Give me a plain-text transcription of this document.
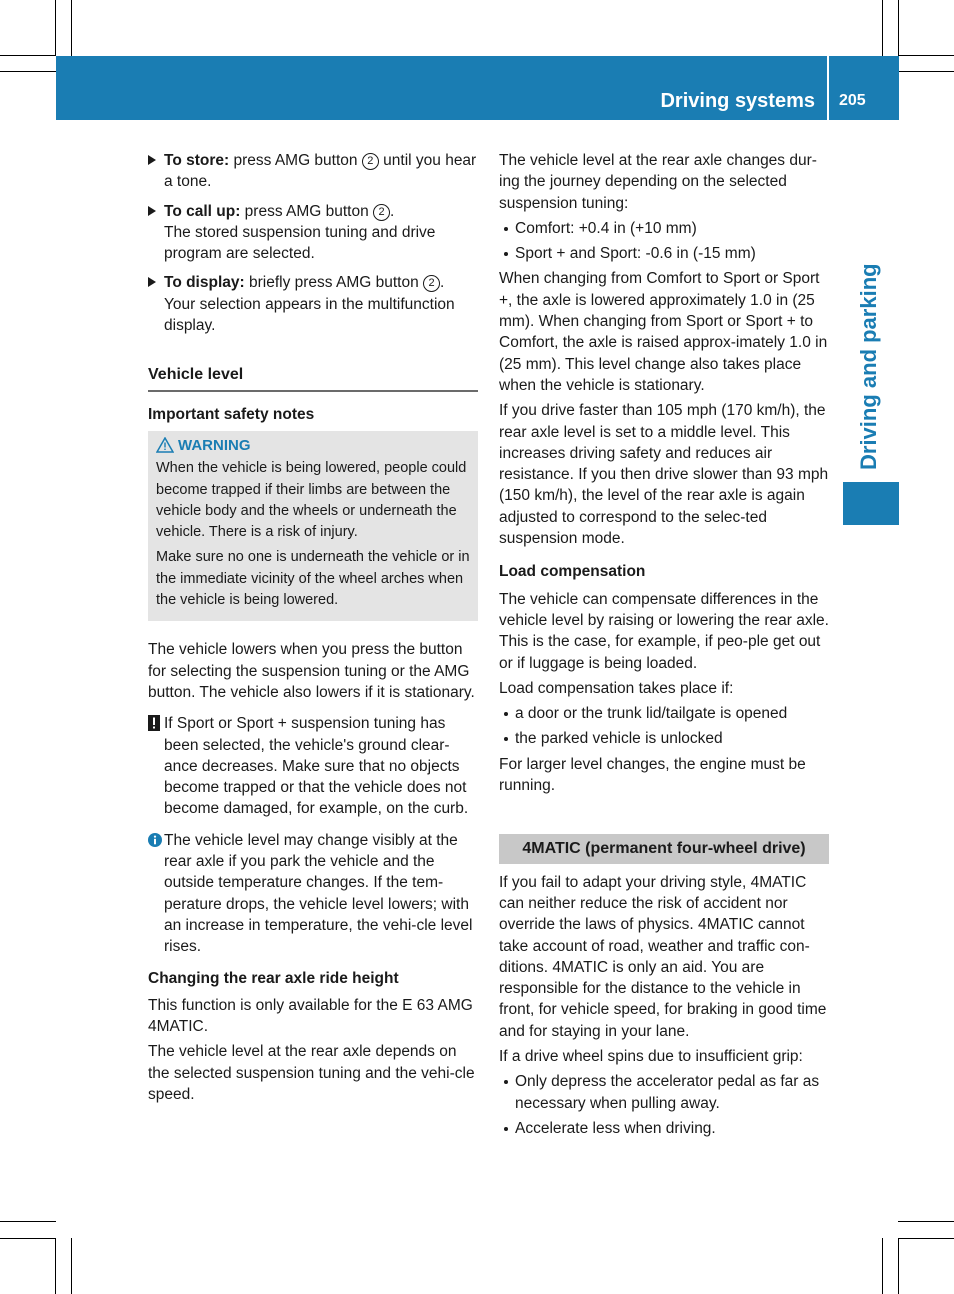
Driving systems 205
Driving and parking
To store: press AMG button 2 until you hear a tone.
To call up: press AMG button 2 .
The stored suspension tuning and drive program are selected.
To display: briefly press AMG button 2 .
Your selection appears in the multifunction display.
Vehicle level
Important safety notes
WARNING

When the vehicle is being lowered, people could become trapped if their limbs are between the vehicle body and the wheels or underneath the vehicle. There is a risk of injury.

Make sure no one is underneath the vehicle or in the immediate vicinity of the wheel arches when the vehicle is being lowered.

The vehicle lowers when you press the button for selecting the suspension tuning or the AMG button. The vehicle also lowers if it is stationary.

If Sport or Sport + suspension tuning has been selected, the vehicle's ground clear-ance decreases. Make sure that no objects become trapped or that the vehicle does not become damaged, for example, on the curb.
The vehicle level may change visibly at the rear axle if you park the vehicle and the outside temperature changes. If the tem-perature drops, the vehicle level lowers; with an increase in temperature, the vehi-cle level rises.
Changing the rear axle ride height

This function is only available for the E 63 AMG 4MATIC.

The vehicle level at the rear axle depends on the selected suspension tuning and the vehi-cle speed.

The vehicle level at the rear axle changes dur-ing the journey depending on the selected suspension tuning:

Comfort: +0.4 in (+10 mm)
Sport + and Sport: -0.6 in (-15 mm)

When changing from Comfort to Sport or Sport +, the axle is lowered approximately 1.0 in (25 mm). When changing from Sport or Sport + to Comfort, the axle is raised approx-imately 1.0 in (25 mm). This level change also takes place when the vehicle is stationary.

If you drive faster than 105 mph (170 km/h), the rear axle level is set to a middle level. This increases driving safety and reduces air resistance. If you then drive slower than 93 mph (150 km/h), the level of the rear axle is again adjusted to correspond to the selec-ted suspension mode.

Load compensation

The vehicle can compensate differences in the vehicle level by raising or lowering the rear axle. This is the case, for example, if peo-ple get out or if luggage is being loaded.

Load compensation takes place if:

a door or the trunk lid/tailgate is opened
the parked vehicle is unlocked

For larger level changes, the engine must be running.

4MATIC (permanent four-wheel drive)

If you fail to adapt your driving style, 4MATIC can neither reduce the risk of accident nor override the laws of physics. 4MATIC cannot take account of road, weather and traffic con-ditions. 4MATIC is only an aid. You are responsible for the distance to the vehicle in front, for vehicle speed, for braking in good time and for staying in your lane.

If a drive wheel spins due to insufficient grip:

Only depress the accelerator pedal as far as necessary when pulling away.
Accelerate less when driving.
